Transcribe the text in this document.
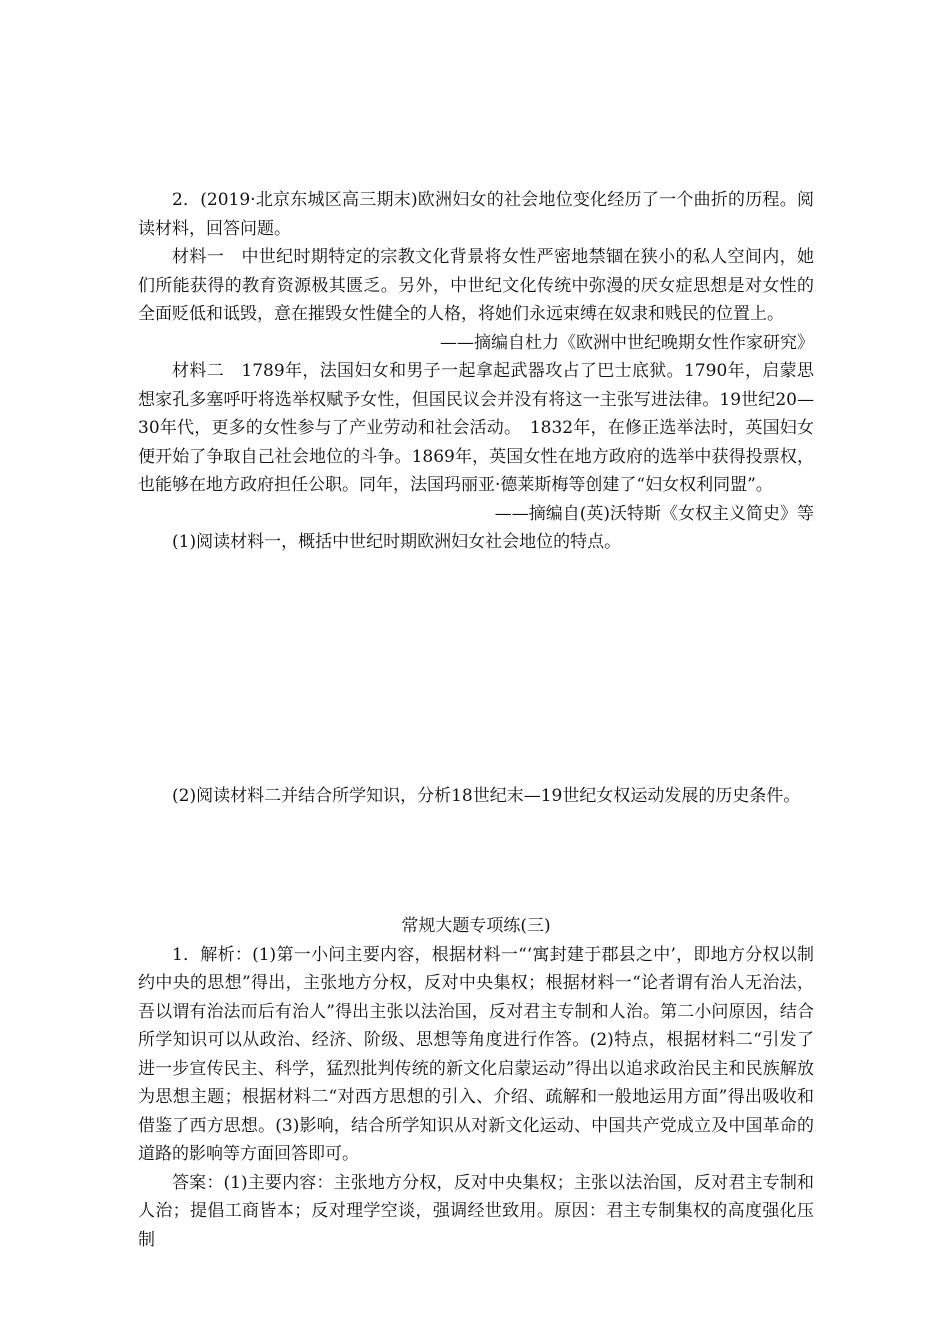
2．(2019·北京东城区高三期末)欧洲妇女的社会地位变化经历了一个曲折的历程。阅读材料，回答问题。

材料一　中世纪时期特定的宗教文化背景将女性严密地禁锢在狭小的私人空间内，她们所能获得的教育资源极其匮乏。另外，中世纪文化传统中弥漫的厌女症思想是对女性的全面贬低和诋毁，意在摧毁女性健全的人格，将她们永远束缚在奴隶和贱民的位置上。

——摘编自杜力《欧洲中世纪晚期女性作家研究》

材料二　1789年，法国妇女和男子一起拿起武器攻占了巴士底狱。1790年，启蒙思想家孔多塞呼吁将选举权赋予女性，但国民议会并没有将这一主张写进法律。19世纪20—30年代，更多的女性参与了产业劳动和社会活动。　1832年，在修正选举法时，英国妇女便开始了争取自己社会地位的斗争。1869年，英国女性在地方政府的选举中获得投票权，也能够在地方政府担任公职。同年，法国玛丽亚·德莱斯梅等创建了“妇女权利同盟”。

——摘编自(英)沃特斯《女权主义简史》等

(1)阅读材料一，概括中世纪时期欧洲妇女社会地位的特点。

(2)阅读材料二并结合所学知识，分析18世纪末—19世纪女权运动发展的历史条件。

常规大题专项练(三)

1．解析：(1)第一小问主要内容，根据材料一“‘寓封建于郡县之中’，即地方分权以制约中央的思想”得出，主张地方分权，反对中央集权；根据材料一“论者谓有治人无治法，吾以谓有治法而后有治人”得出主张以法治国，反对君主专制和人治。第二小问原因，结合所学知识可以从政治、经济、阶级、思想等角度进行作答。(2)特点，根据材料二“引发了进一步宣传民主、科学，猛烈批判传统的新文化启蒙运动”得出以追求政治民主和民族解放为思想主题；根据材料二“对西方思想的引入、介绍、疏解和一般地运用方面”得出吸收和借鉴了西方思想。(3)影响，结合所学知识从对新文化运动、中国共产党成立及中国革命的道路的影响等方面回答即可。

答案：(1)主要内容：主张地方分权，反对中央集权；主张以法治国，反对君主专制和人治；提倡工商皆本；反对理学空谈，强调经世致用。原因：君主专制集权的高度强化压制
